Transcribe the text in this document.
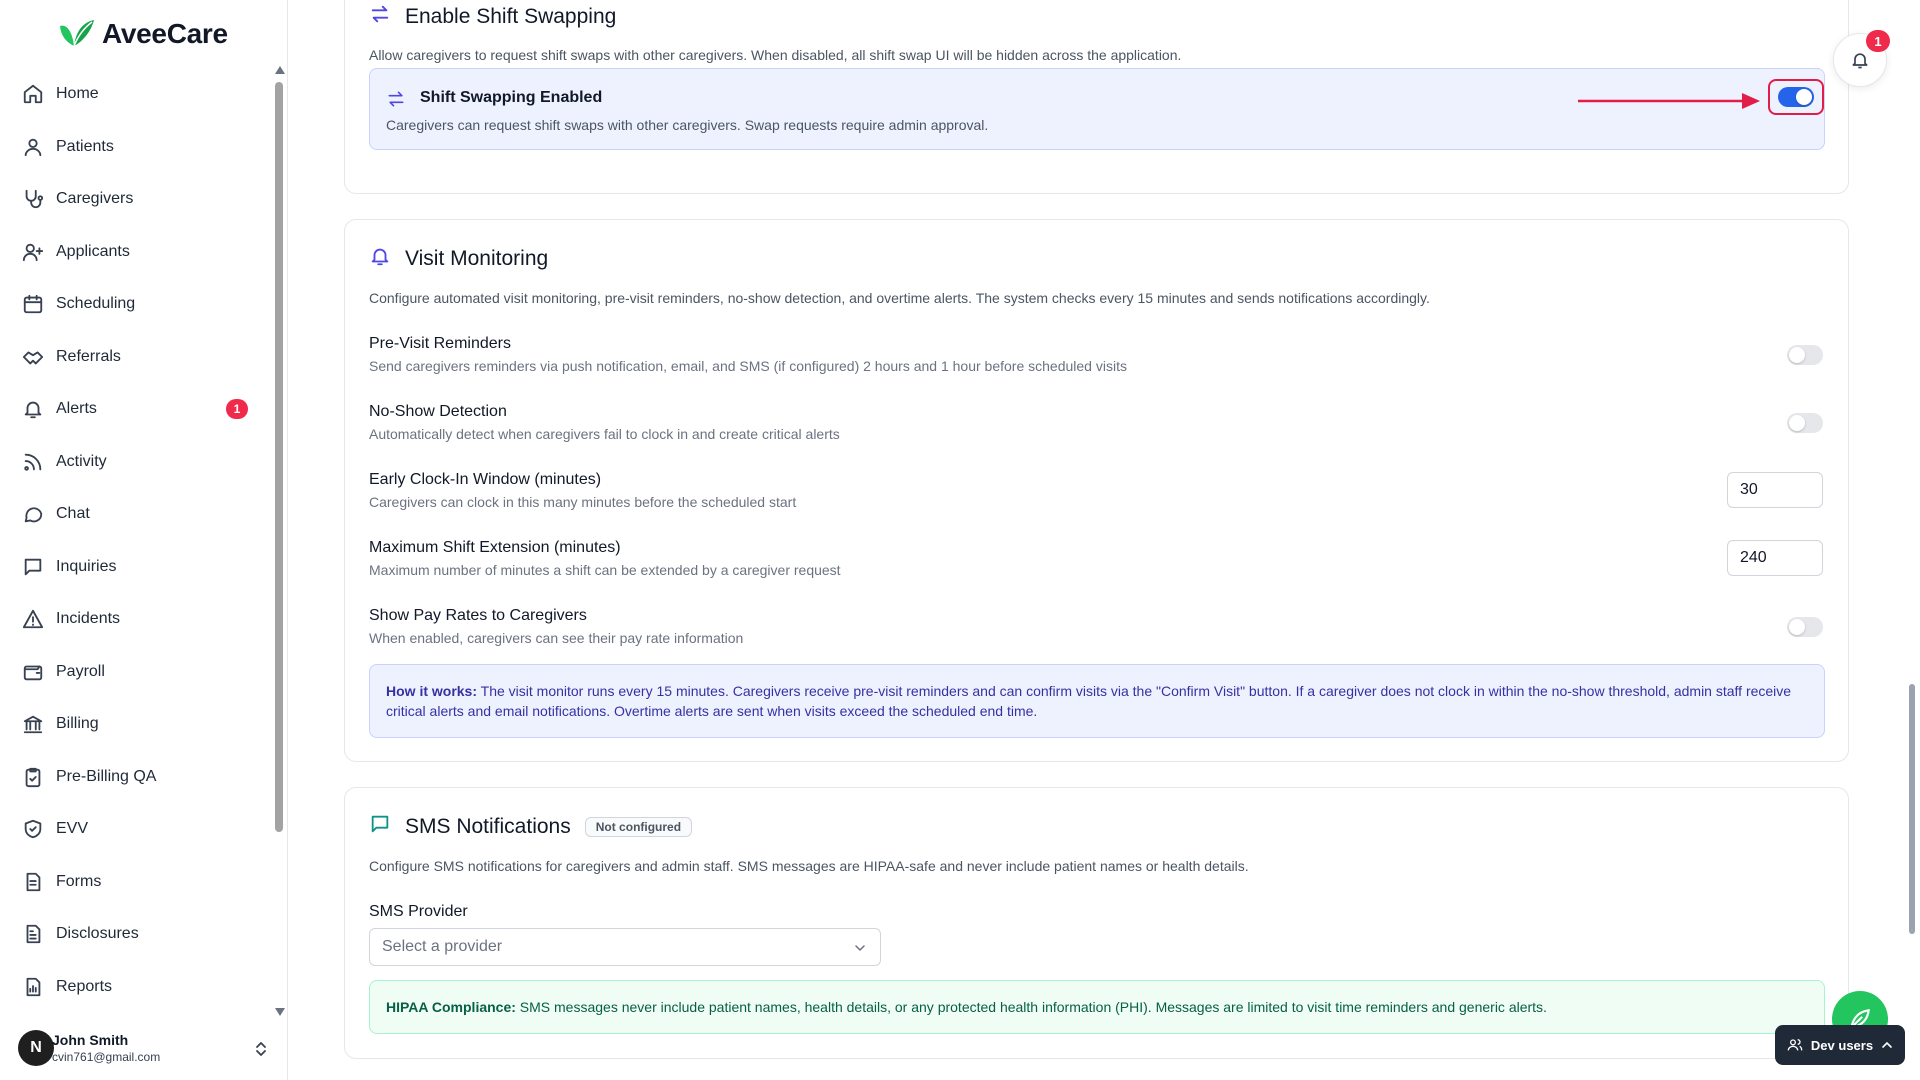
AveeCare
Home
Patients
Caregivers
Applicants
Scheduling
Referrals
Alerts	1
Activity
Chat
Inquiries
Incidents
Payroll
Billing
Pre-Billing QA
EVV
Forms
Disclosures
Reports
N John Smith
cvin761@gmail.com
Enable Shift Swapping
Allow caregivers to request shift swaps with other caregivers. When disabled, all shift swap UI will be hidden across the application.
Shift Swapping Enabled
Caregivers can request shift swaps with other caregivers. Swap requests require admin approval.
Visit Monitoring
Configure automated visit monitoring, pre-visit reminders, no-show detection, and overtime alerts. The system checks every 15 minutes and sends notifications accordingly.
Pre-Visit Reminders
Send caregivers reminders via push notification, email, and SMS (if configured) 2 hours and 1 hour before scheduled visits
No-Show Detection
Automatically detect when caregivers fail to clock in and create critical alerts
Early Clock-In Window (minutes)
Caregivers can clock in this many minutes before the scheduled start
30
Maximum Shift Extension (minutes)
Maximum number of minutes a shift can be extended by a caregiver request
240
Show Pay Rates to Caregivers
When enabled, caregivers can see their pay rate information
How it works: The visit monitor runs every 15 minutes. Caregivers receive pre-visit reminders and can confirm visits via the "Confirm Visit" button. If a caregiver does not clock in within the no-show threshold, admin staff receive critical alerts and email notifications. Overtime alerts are sent when visits exceed the scheduled end time.
SMS Notifications	Not configured
Configure SMS notifications for caregivers and admin staff. SMS messages are HIPAA-safe and never include patient names or health details.
SMS Provider
Select a provider
HIPAA Compliance: SMS messages never include patient names, health details, or any protected health information (PHI). Messages are limited to visit time reminders and generic alerts.
1
Dev users
